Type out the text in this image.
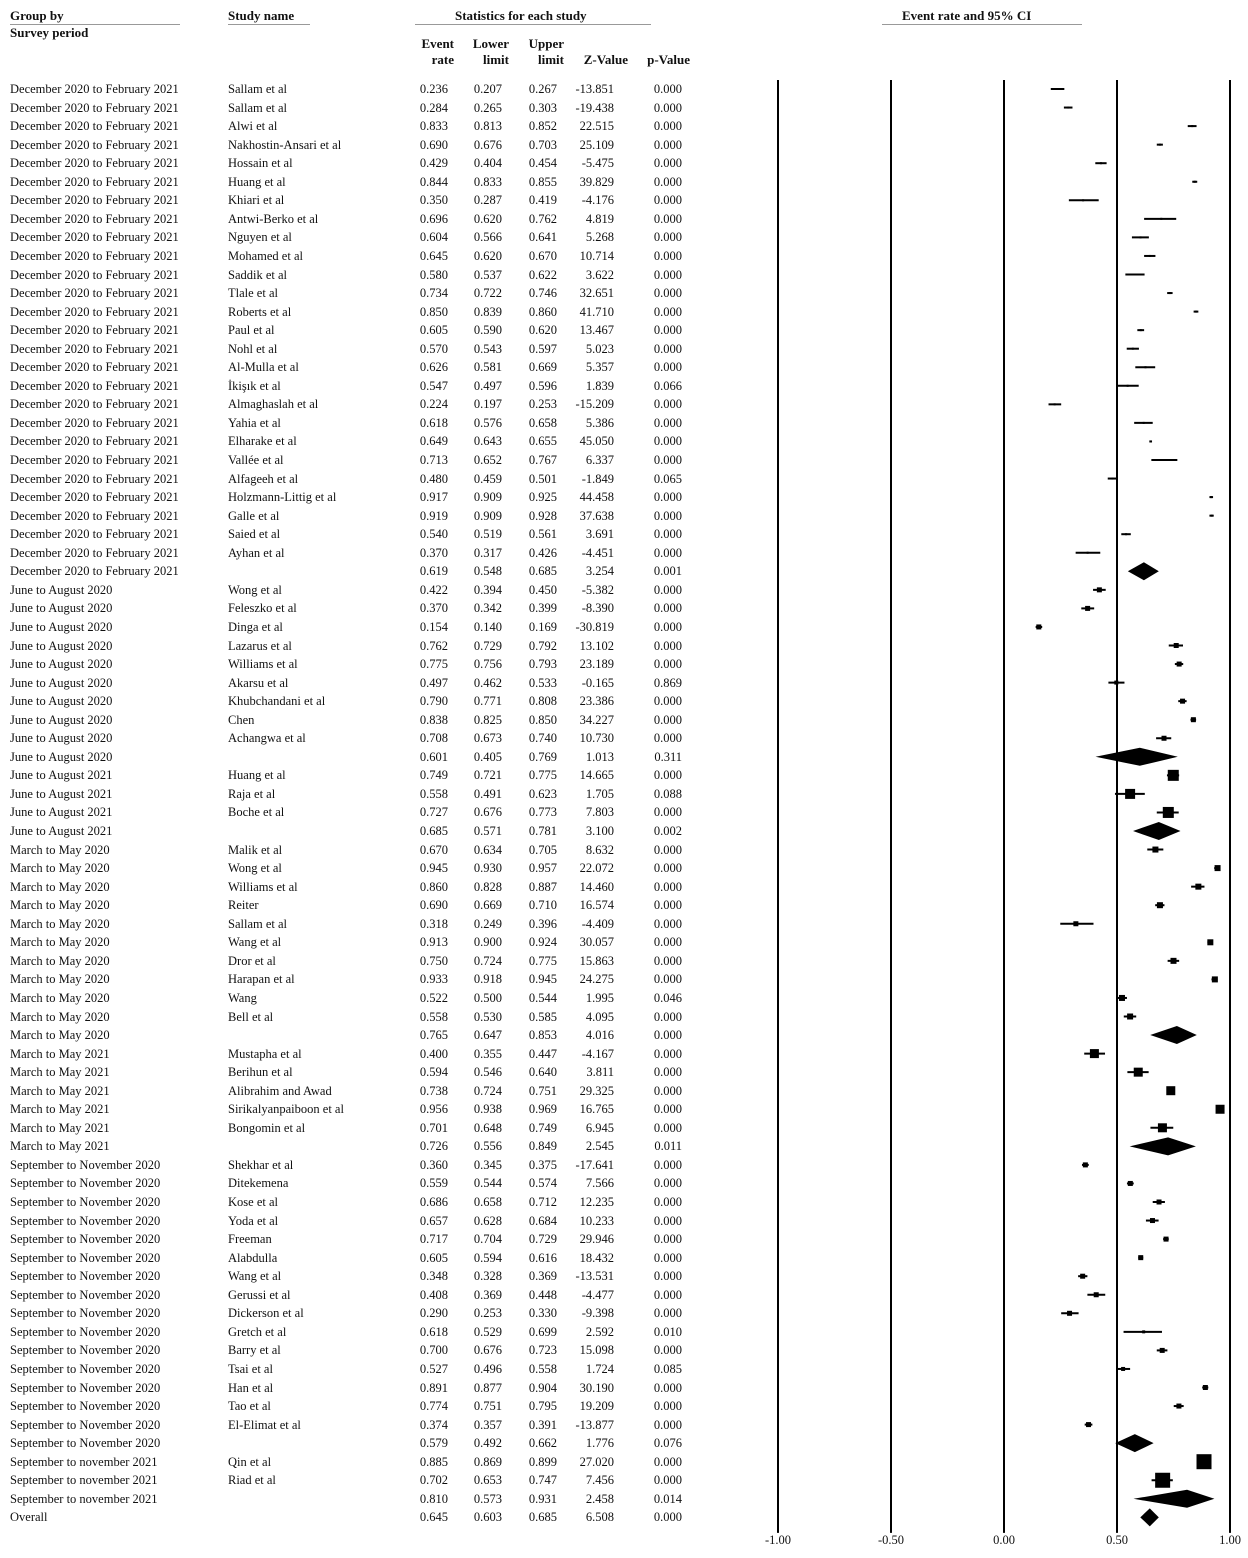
Group by
Survey period
Study name	Statistics for each study	Event rate and 95% CI
Event
rate
Lower
limit
Upper
limit	Z-Value	p-Value
December 2020 to February 2021	Sallam et al	0.236 0.207 0.267 -13.851	0.000
December 2020 to February 2021	Sallam et al	0.284 0.265 0.303 -19.438	0.000
December 2020 to February 2021	Alwi et al	0.833 0.813 0.852 22.515	0.000
December 2020 to February 2021	Nakhostin-Ansari et al	0.690 0.676 0.703 25.109	0.000
December 2020 to February 2021	Hossain et al	0.429 0.404 0.454 -5.475	0.000
December 2020 to February 2021	Huang et al	0.844 0.833 0.855 39.829	0.000
December 2020 to February 2021	Khiari et al	0.350 0.287 0.419 -4.176	0.000
December 2020 to February 2021	Antwi-Berko et al	0.696 0.620 0.762 4.819	0.000
December 2020 to February 2021	Nguyen et al	0.604 0.566 0.641 5.268	0.000
December 2020 to February 2021	Mohamed et al	0.645 0.620 0.670 10.714	0.000
December 2020 to February 2021	Saddik et al	0.580 0.537 0.622 3.622	0.000
December 2020 to February 2021	Tlale et al	0.734 0.722 0.746 32.651	0.000
December 2020 to February 2021	Roberts et al	0.850 0.839 0.860 41.710	0.000
December 2020 to February 2021	Paul et al	0.605 0.590 0.620 13.467	0.000
December 2020 to February 2021	Nohl et al	0.570 0.543 0.597 5.023	0.000
December 2020 to February 2021	Al-Mulla et al	0.626 0.581 0.669 5.357	0.000
December 2020 to February 2021	İkişık et al	0.547 0.497 0.596 1.839	0.066
December 2020 to February 2021	Almaghaslah et al	0.224 0.197 0.253 -15.209	0.000
December 2020 to February 2021	Yahia et al	0.618 0.576 0.658 5.386	0.000
December 2020 to February 2021	Elharake et al	0.649 0.643 0.655 45.050	0.000
December 2020 to February 2021	Vallée et al	0.713 0.652 0.767 6.337	0.000
December 2020 to February 2021	Alfageeh et al	0.480 0.459 0.501 -1.849	0.065
December 2020 to February 2021	Holzmann-Littig et al	0.917 0.909 0.925 44.458	0.000
December 2020 to February 2021	Galle et al	0.919 0.909 0.928 37.638	0.000
December 2020 to February 2021	Saied et al	0.540 0.519 0.561 3.691	0.000
December 2020 to February 2021	Ayhan et al	0.370 0.317 0.426 -4.451	0.000
December 2020 to February 2021	0.619 0.548 0.685 3.254	0.001
June to August 2020	Wong et al	0.422 0.394 0.450 -5.382	0.000
June to August 2020	Feleszko et al	0.370 0.342 0.399 -8.390	0.000
June to August 2020	Dinga et al	0.154 0.140 0.169 -30.819	0.000
June to August 2020	Lazarus et al	0.762 0.729 0.792 13.102	0.000
June to August 2020	Williams et al	0.775 0.756 0.793 23.189	0.000
June to August 2020	Akarsu et al	0.497 0.462 0.533 -0.165	0.869
June to August 2020	Khubchandani et al	0.790 0.771 0.808 23.386	0.000
June to August 2020	Chen	0.838 0.825 0.850 34.227	0.000
June to August 2020	Achangwa et al	0.708 0.673 0.740 10.730	0.000
June to August 2020	0.601 0.405 0.769 1.013	0.311
June to August 2021	Huang et al	0.749 0.721 0.775 14.665	0.000
June to August 2021	Raja et al	0.558 0.491 0.623 1.705	0.088
June to August 2021	Boche et al	0.727 0.676 0.773 7.803	0.000
June to August 2021	0.685 0.571 0.781 3.100	0.002
March to May 2020	Malik et al	0.670 0.634 0.705 8.632	0.000
March to May 2020	Wong et al	0.945 0.930 0.957 22.072	0.000
March to May 2020	Williams et al	0.860 0.828 0.887 14.460	0.000
March to May 2020	Reiter	0.690 0.669 0.710 16.574	0.000
March to May 2020	Sallam et al	0.318 0.249 0.396 -4.409	0.000
March to May 2020	Wang et al	0.913 0.900 0.924 30.057	0.000
March to May 2020	Dror et al	0.750 0.724 0.775 15.863	0.000
March to May 2020	Harapan et al	0.933 0.918 0.945 24.275	0.000
March to May 2020	Wang	0.522 0.500 0.544 1.995	0.046
March to May 2020	Bell et al	0.558 0.530 0.585 4.095	0.000
March to May 2020	0.765 0.647 0.853 4.016	0.000
March to May 2021	Mustapha et al	0.400 0.355 0.447 -4.167	0.000
March to May 2021	Berihun et al	0.594 0.546 0.640 3.811	0.000
March to May 2021	Alibrahim and Awad	0.738 0.724 0.751 29.325	0.000
March to May 2021	Sirikalyanpaiboon et al	0.956 0.938 0.969 16.765	0.000
March to May 2021	Bongomin et al	0.701 0.648 0.749 6.945	0.000
March to May 2021	0.726 0.556 0.849 2.545	0.011
September to November 2020	Shekhar et al	0.360 0.345 0.375 -17.641	0.000
September to November 2020	Ditekemena	0.559 0.544 0.574 7.566	0.000
September to November 2020	Kose et al	0.686 0.658 0.712 12.235	0.000
September to November 2020	Yoda et al	0.657 0.628 0.684 10.233	0.000
September to November 2020	Freeman	0.717 0.704 0.729 29.946	0.000
September to November 2020	Alabdulla	0.605 0.594 0.616 18.432	0.000
September to November 2020	Wang et al	0.348 0.328 0.369 -13.531	0.000
September to November 2020	Gerussi et al	0.408 0.369 0.448 -4.477	0.000
September to November 2020	Dickerson et al	0.290 0.253 0.330 -9.398	0.000
September to November 2020	Gretch et al	0.618 0.529 0.699 2.592	0.010
September to November 2020	Barry et al	0.700 0.676 0.723 15.098	0.000
September to November 2020	Tsai et al	0.527 0.496 0.558 1.724	0.085
September to November 2020	Han et al	0.891 0.877 0.904 30.190	0.000
September to November 2020	Tao et al	0.774 0.751 0.795 19.209	0.000
September to November 2020	El-Elimat et al	0.374 0.357 0.391 -13.877	0.000
September to November 2020	0.579 0.492 0.662 1.776	0.076
September to november 2021	Qin et al	0.885 0.869 0.899 27.020	0.000
September to november 2021	Riad et al	0.702 0.653 0.747 7.456	0.000
September to november 2021	0.810 0.573 0.931 2.458	0.014
Overall	0.645 0.603 0.685 6.508	0.000
-1.00	-0.50	0.00	0.50	1.00
